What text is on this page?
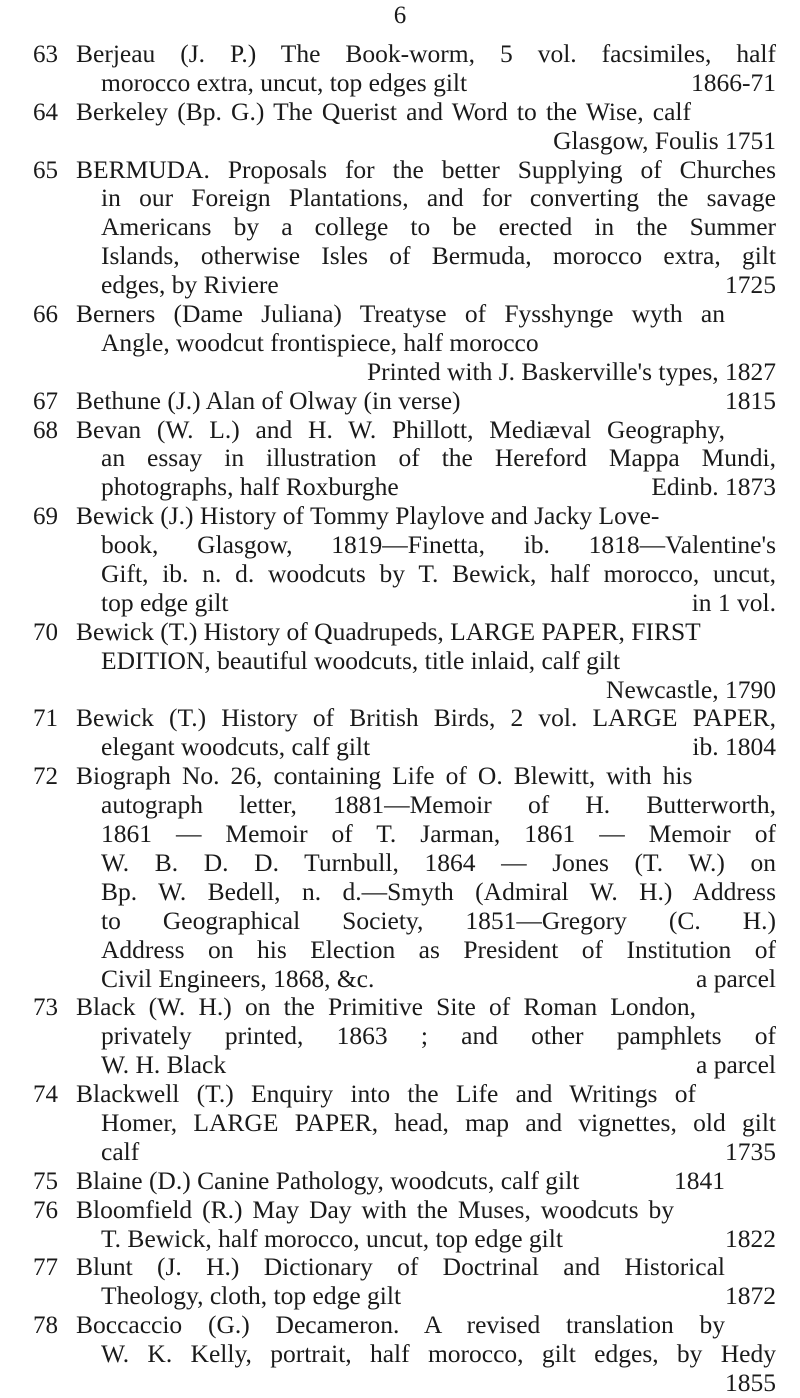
6
63 Berjeau (J. P.) The Book-worm, 5 vol. facsimiles, half
1866-71
morocco extra, uncut, top edges gilt
64 Berkeley (Bp. G.) The Querist and Word to the Wise, calf
Glasgow, Foulis 1751
65 BERMUDA. Proposals for the better Supplying of Churches
in our Foreign Plantations, and for converting the savage
Americans by a college to be erected in the Summer
Islands, otherwise Isles of Bermuda, morocco extra, gilt
1725
edges, by Riviere
66 Berners (Dame Juliana) Treatyse of Fysshynge wyth an
Angle, woodcut frontispiece, half morocco
Printed with J. Baskerville's types, 1827
67	1815
Bethune (J.) Alan of Olway (in verse)
68 Bevan (W. L.) and H. W. Phillott, Mediæval Geography,
an essay in illustration of the Hereford Mappa Mundi,
Edinb. 1873
photographs, half Roxburghe
69 Bewick (J.) History of Tommy Playlove and Jacky Love-
book, Glasgow, 1819—Finetta, ib. 1818—Valentine's
Gift, ib. n. d. woodcuts by T. Bewick, half morocco, uncut,
in 1 vol.
top edge gilt
70 Bewick (T.) History of Quadrupeds, LARGE PAPER, FIRST
EDITION, beautiful woodcuts, title inlaid, calf gilt
Newcastle, 1790
71 Bewick (T.) History of British Birds, 2 vol. LARGE PAPER,
ib. 1804
elegant woodcuts, calf gilt
72 Biograph No. 26, containing Life of O. Blewitt, with his
autograph letter, 1881—Memoir of H. Butterworth,
1861 — Memoir of T. Jarman, 1861 — Memoir of
W. B. D. D. Turnbull, 1864 — Jones (T. W.) on
Bp. W. Bedell, n. d.—Smyth (Admiral W. H.) Address
to Geographical Society, 1851—Gregory (C. H.)
Address on his Election as President of Institution of
a parcel
Civil Engineers, 1868, &c.
73 Black (W. H.) on the Primitive Site of Roman London,
privately printed, 1863 ; and other pamphlets of
a parcel
W. H. Black
74 Blackwell (T.) Enquiry into the Life and Writings of
Homer, LARGE PAPER, head, map and vignettes, old gilt
1735
calf
75	1841
Blaine (D.) Canine Pathology, woodcuts, calf gilt
76 Bloomfield (R.) May Day with the Muses, woodcuts by
1822
T. Bewick, half morocco, uncut, top edge gilt
77 Blunt (J. H.) Dictionary of Doctrinal and Historical
1872
Theology, cloth, top edge gilt
78 Boccaccio (G.) Decameron. A revised translation by
W. K. Kelly, portrait, half morocco, gilt edges, by Hedy
1855
